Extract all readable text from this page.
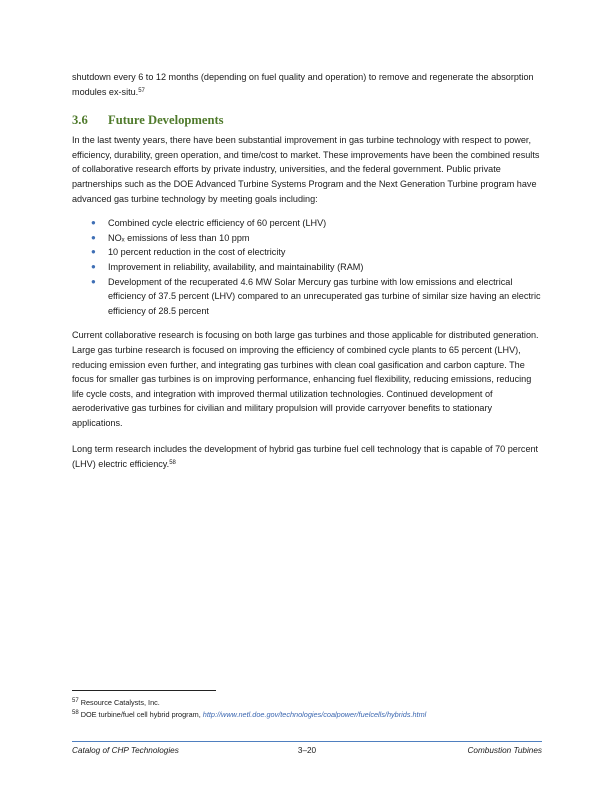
shutdown every 6 to 12 months (depending on fuel quality and operation) to remove and regenerate the absorption modules ex-situ.$^{57}$

3.6 Future Developments

In the last twenty years, there have been substantial improvement in gas turbine technology with respect to power, efficiency, durability, green operation, and time/cost to market. These improvements have been the combined results of collaborative research efforts by private industry, universities, and the federal government. Public private partnerships such as the DOE Advanced Turbine Systems Program and the Next Generation Turbine program have advanced gas turbine technology by meeting goals including:

● Combined cycle electric efficiency of 60 percent (LHV)
● NOₓ emissions of less than 10 ppm
● 10 percent reduction in the cost of electricity
● Improvement in reliability, availability, and maintainability (RAM)
● Development of the recuperated 4.6 MW Solar Mercury gas turbine with low emissions and electrical efficiency of 37.5 percent (LHV) compared to an unrecuperated gas turbine of similar size having an electric efficiency of 28.5 percent

Current collaborative research is focusing on both large gas turbines and those applicable for distributed generation. Large gas turbine research is focused on improving the efficiency of combined cycle plants to 65 percent (LHV), reducing emission even further, and integrating gas turbines with clean coal gasification and carbon capture. The focus for smaller gas turbines is on improving performance, enhancing fuel flexibility, reducing emissions, reducing life cycle costs, and integration with improved thermal utilization technologies. Continued development of aeroderivative gas turbines for civilian and military propulsion will provide carryover benefits to stationary applications.

Long term research includes the development of hybrid gas turbine fuel cell technology that is capable of 70 percent (LHV) electric efficiency.$^{58}$

$^{57}$ Resource Catalysts, Inc.
$^{58}$ DOE turbine/fuel cell hybrid program, http://www.netl.doe.gov/technologies/coalpower/fuelcells/hybrids.html
Catalog of CHP Technologies	3–20	Combustion Tubines
